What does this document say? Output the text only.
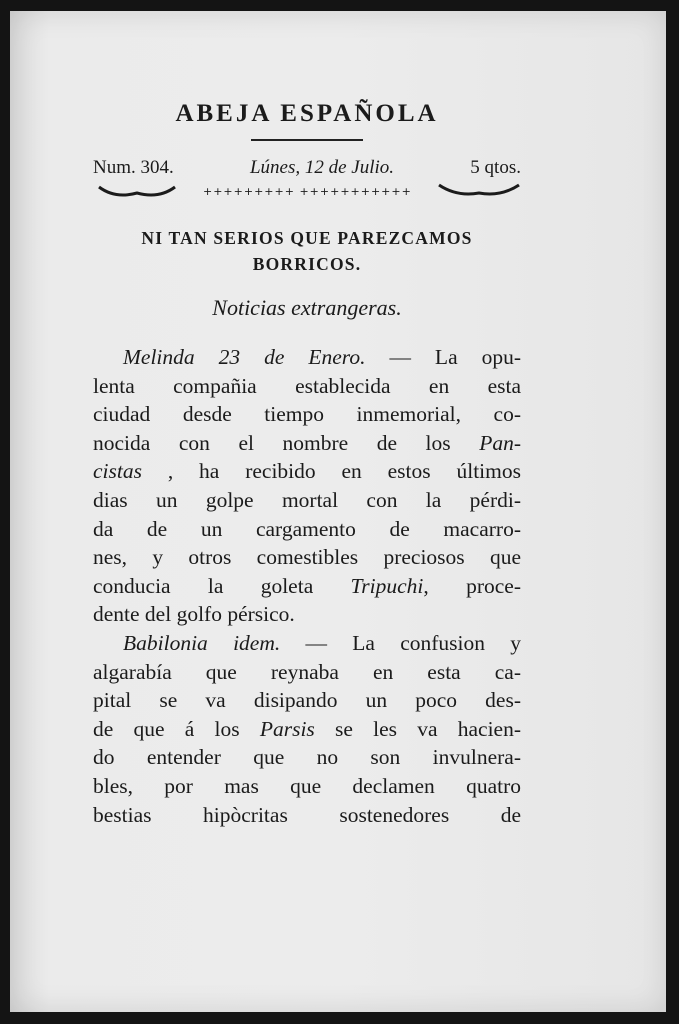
ABEJA ESPAÑOLA
Num. 304.	Lúnes, 12 de Julio.	5 qtos.
+++++++++ +++++++++++
NI TAN SERIOS QUE PAREZCAMOS
BORRICOS.
Noticias extrangeras.
Melinda 23 de Enero. — La opu-
lenta compañia establecida en esta
ciudad desde tiempo inmemorial, co-
nocida con el nombre de los Pan-
cistas , ha recibido en estos últimos
dias un golpe mortal con la pérdi-
da de un cargamento de macarro-
nes, y otros comestibles preciosos que
conducia la goleta Tripuchi, proce-
dente del golfo pérsico.
Babilonia idem. — La confusion y
algarabía que reynaba en esta ca-
pital se va disipando un poco des-
de que á los Parsis se les va hacien-
do entender que no son invulnera-
bles, por mas que declamen quatro
bestias hipòcritas sostenedores de
